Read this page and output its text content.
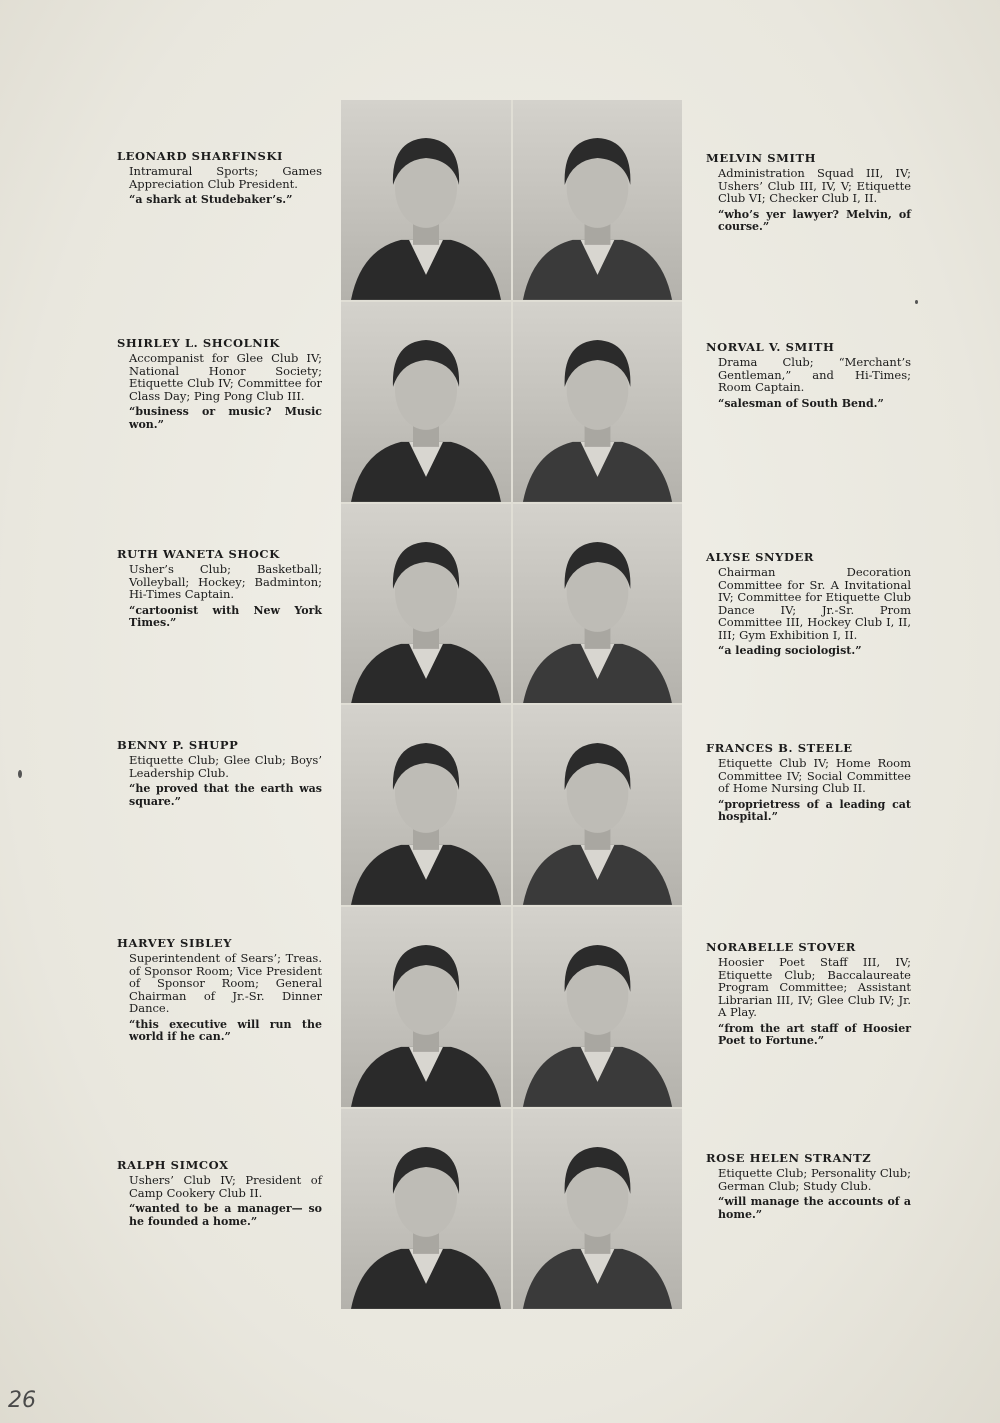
LEONARD SHARFINSKI
Intramural Sports; Games Appreciation Club President.
“a shark at Studebaker’s.”
SHIRLEY L. SHCOLNIK
Accompanist for Glee Club IV; National Honor Society; Etiquette Club IV; Committee for Class Day; Ping Pong Club III.
“business or music? Music won.”
RUTH WANETA SHOCK
Usher’s Club; Basketball; Volleyball; Hockey; Badminton; Hi-Times Captain.
“cartoonist with New York Times.”
BENNY P. SHUPP
Etiquette Club; Glee Club; Boys’ Leadership Club.
“he proved that the earth was square.”
HARVEY SIBLEY
Superintendent of Sears’; Treas. of Sponsor Room; Vice President of Sponsor Room; General Chairman of Jr.-Sr. Dinner Dance.
“this executive will run the world if he can.”
RALPH SIMCOX
Ushers’ Club IV; President of Camp Cookery Club II.
“wanted to be a manager— so he founded a home.”
MELVIN SMITH
Administration Squad III, IV; Ushers’ Club III, IV, V; Etiquette Club VI; Checker Club I, II.
“who’s yer lawyer? Melvin, of course.”
NORVAL V. SMITH
Drama Club; “Merchant’s Gentleman,” and Hi-Times; Room Captain.
“salesman of South Bend.”
ALYSE SNYDER
Chairman Decoration Committee for Sr. A Invitational IV; Committee for Etiquette Club Dance IV; Jr.-Sr. Prom Committee III, Hockey Club I, II, III; Gym Exhibition I, II.
“a leading sociologist.”
FRANCES B. STEELE
Etiquette Club IV; Home Room Committee IV; Social Committee of Home Nursing Club II.
“proprietress of a leading cat hospital.”
NORABELLE STOVER
Hoosier Poet Staff III, IV; Etiquette Club; Baccalaureate Program Committee; Assistant Librarian III, IV; Glee Club IV; Jr. A Play.
“from the art staff of Hoosier Poet to Fortune.”
ROSE HELEN STRANTZ
Etiquette Club; Personality Club; German Club; Study Club.
“will manage the accounts of a home.”
26
